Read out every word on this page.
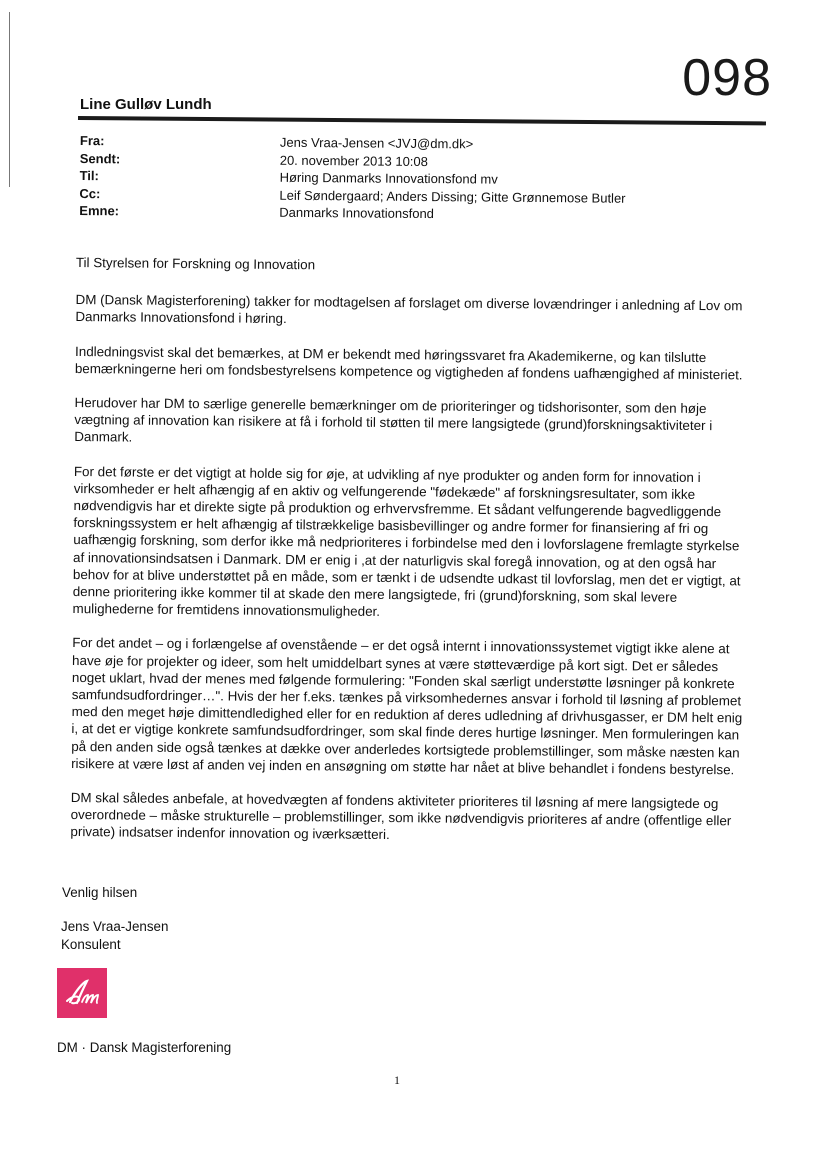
098
Line Gulløv Lundh
Fra:	Jens Vraa-Jensen <JVJ@dm.dk>
Sendt:	20. november 2013 10:08
Til:	Høring Danmarks Innovationsfond mv
Cc:	Leif Søndergaard; Anders Dissing; Gitte Grønnemose Butler
Emne:	Danmarks Innovationsfond

Til Styrelsen for Forskning og Innovation

DM (Dansk Magisterforening) takker for modtagelsen af forslaget om diverse lovændringer i anledning af Lov om Danmarks Innovationsfond i høring.

Indledningsvist skal det bemærkes, at DM er bekendt med høringssvaret fra Akademikerne, og kan tilslutte bemærkningerne heri om fondsbestyrelsens kompetence og vigtigheden af fondens uafhængighed af ministeriet.

Herudover har DM to særlige generelle bemærkninger om de prioriteringer og tidshorisonter, som den høje vægtning af innovation kan risikere at få i forhold til støtten til mere langsigtede (grund)forskningsaktiviteter i Danmark.

For det første er det vigtigt at holde sig for øje, at udvikling af nye produkter og anden form for innovation i virksomheder er helt afhængig af en aktiv og velfungerende "fødekæde" af forskningsresultater, som ikke nødvendigvis har et direkte sigte på produktion og erhvervsfremme. Et sådant velfungerende bagvedliggende forskningssystem er helt afhængig af tilstrækkelige basisbevillinger og andre former for finansiering af fri og uafhængig forskning, som derfor ikke må nedprioriteres i forbindelse med den i lovforslagene fremlagte styrkelse af innovationsindsatsen i Danmark. DM er enig i ,at der naturligvis skal foregå innovation, og at den også har behov for at blive understøttet på en måde, som er tænkt i de udsendte udkast til lovforslag, men det er vigtigt, at denne prioritering ikke kommer til at skade den mere langsigtede, fri (grund)forskning, som skal levere mulighederne for fremtidens innovationsmuligheder.

For det andet – og i forlængelse af ovenstående – er det også internt i innovationssystemet vigtigt ikke alene at have øje for projekter og ideer, som helt umiddelbart synes at være støtteværdige på kort sigt. Det er således noget uklart, hvad der menes med følgende formulering: "Fonden skal særligt understøtte løsninger på konkrete samfundsudfordringer…". Hvis der her f.eks. tænkes på virksomhedernes ansvar i forhold til løsning af problemet med den meget høje dimittendledighed eller for en reduktion af deres udledning af drivhusgasser, er DM helt enig i, at det er vigtige konkrete samfundsudfordringer, som skal finde deres hurtige løsninger. Men formuleringen kan på den anden side også tænkes at dække over anderledes kortsigtede problemstillinger, som måske næsten kan risikere at være løst af anden vej inden en ansøgning om støtte har nået at blive behandlet i fondens bestyrelse.

DM skal således anbefale, at hovedvægten af fondens aktiviteter prioriteres til løsning af mere langsigtede og overordnede – måske strukturelle – problemstillinger, som ikke nødvendigvis prioriteres af andre (offentlige eller private) indsatser indenfor innovation og iværksætteri.

Venlig hilsen
Jens Vraa-Jensen
Konsulent
DM · Dansk Magisterforening
1
